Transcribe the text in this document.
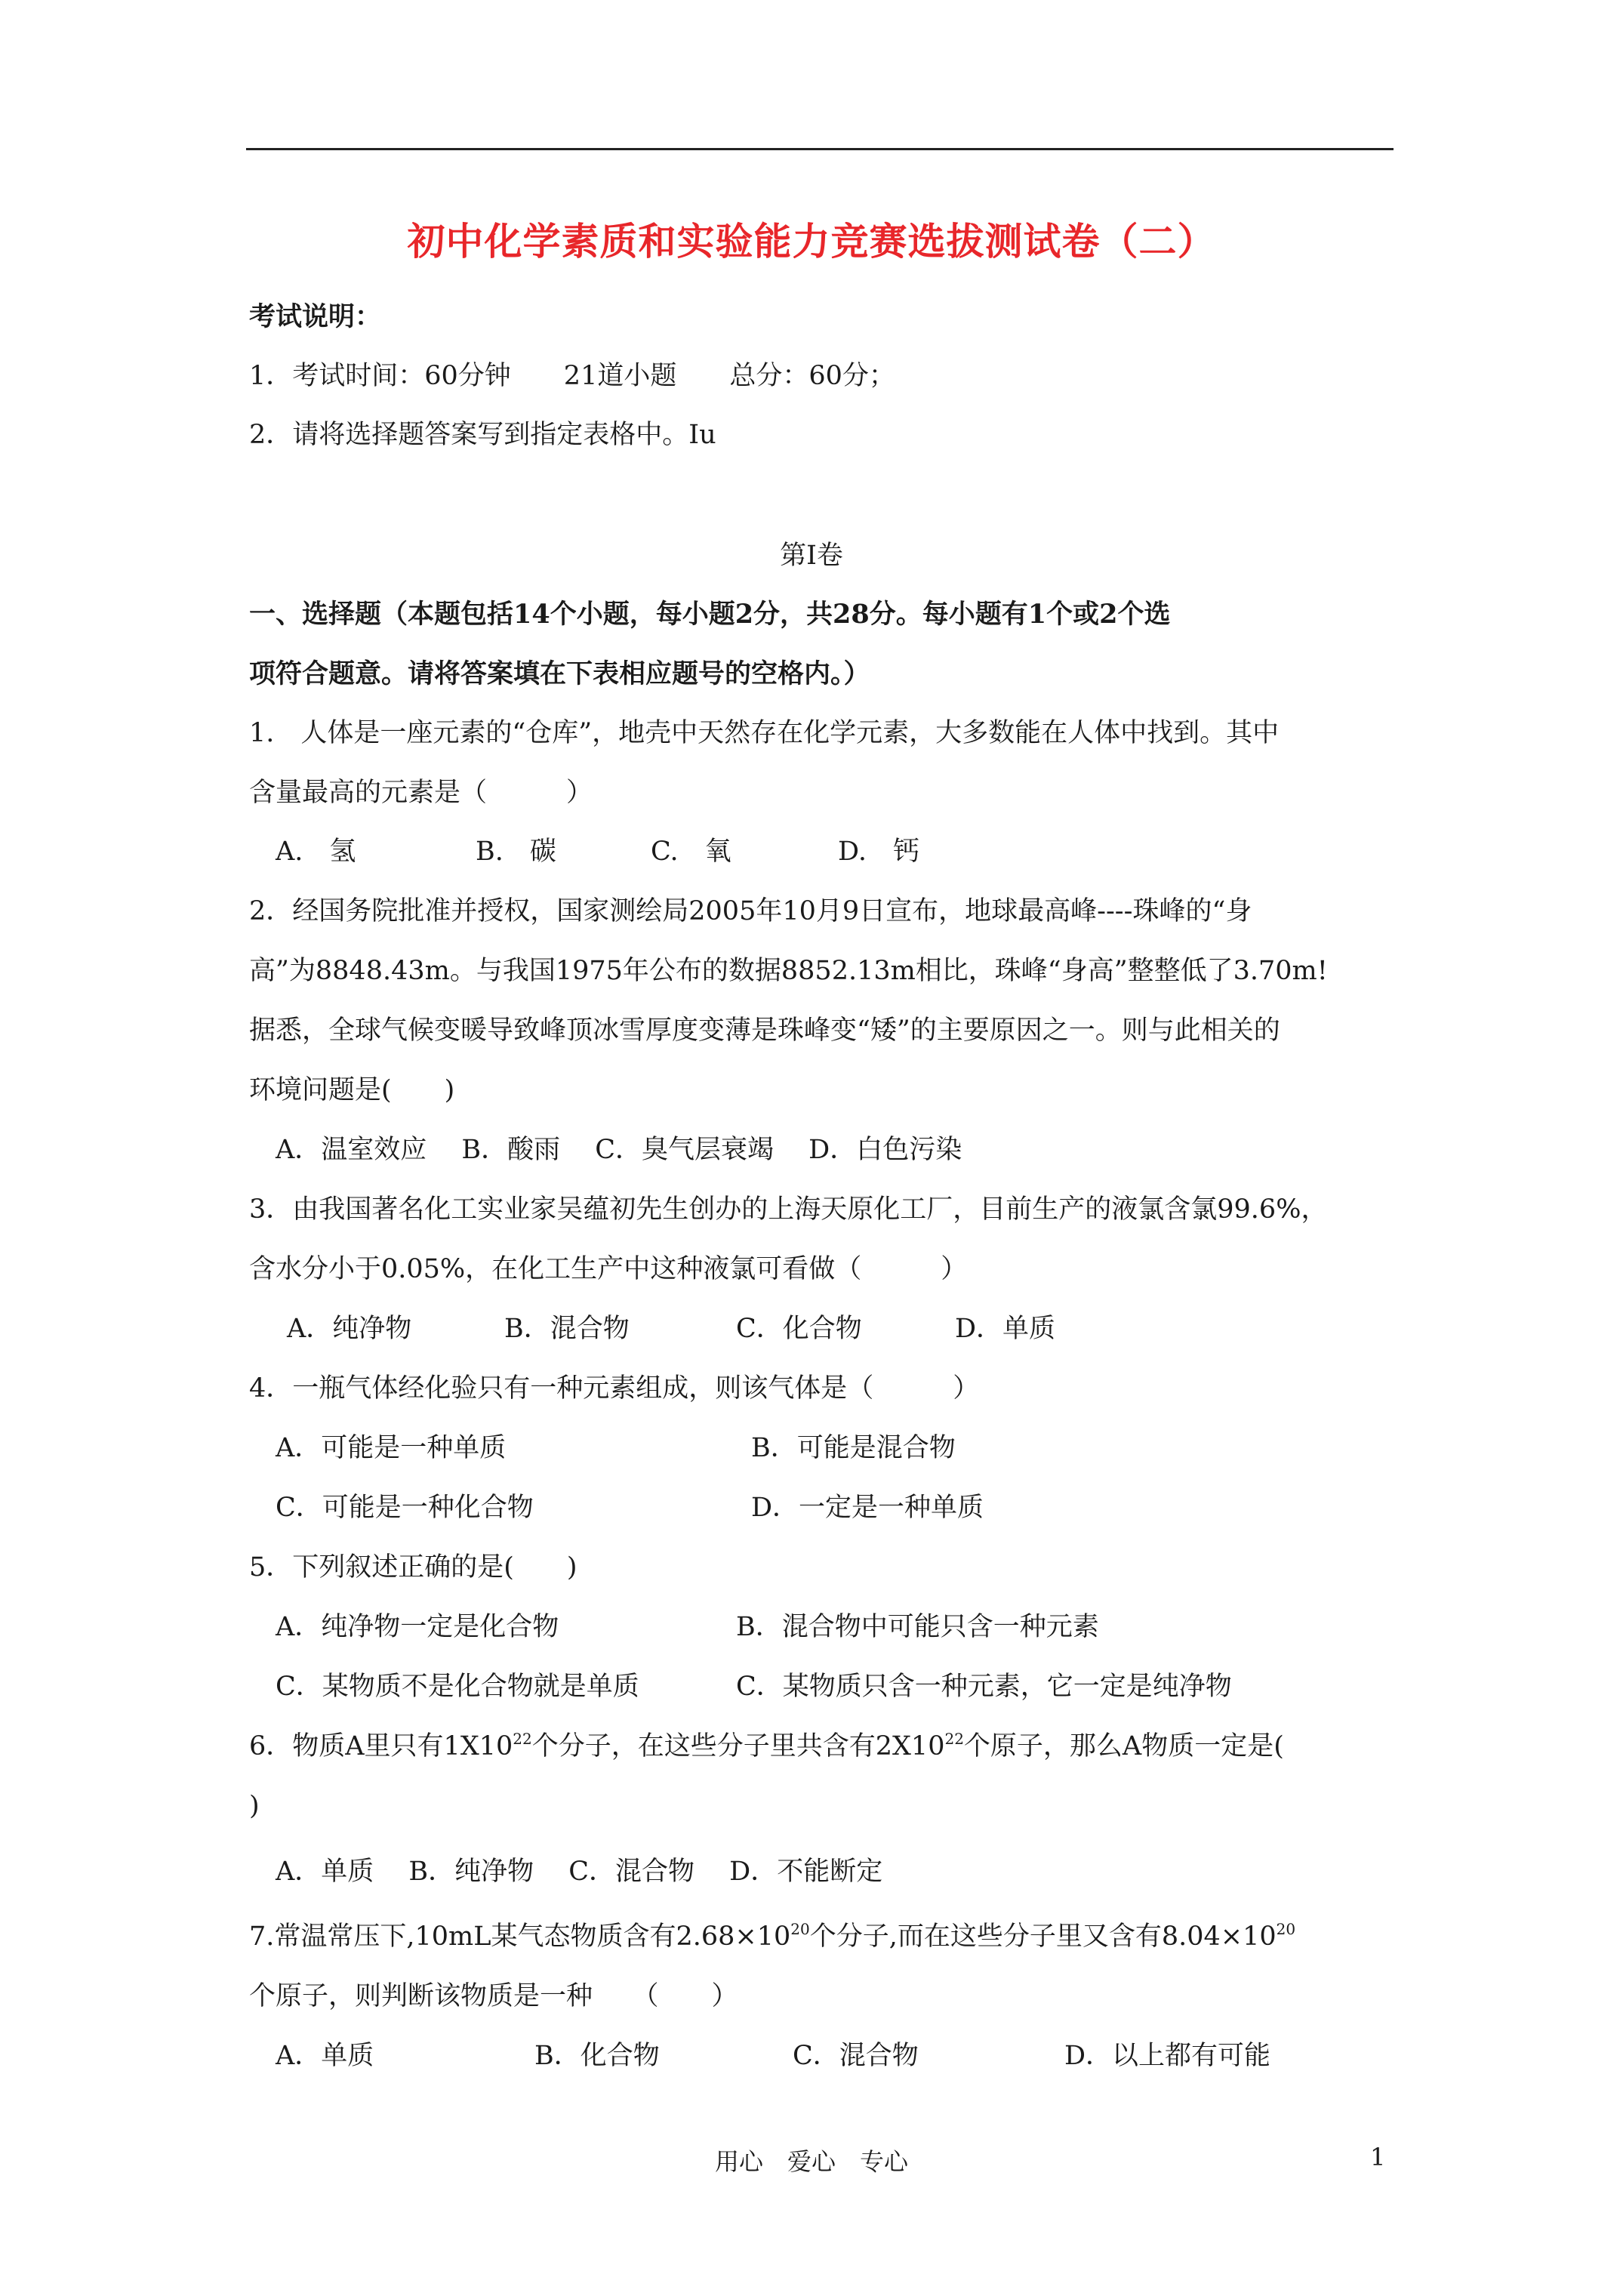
初中化学素质和实验能力竞赛选拔测试卷（二）
考试说明：
1．考试时间：60分钟　　21道小题　　总分：60分；
2．请将选择题答案写到指定表格中。Iu
第Ⅰ卷
一、选择题（本题包括14个小题，每小题2分，共28分。每小题有1个或2个选
项符合题意。请将答案填在下表相应题号的空格内。）
1.　人体是一座元素的“仓库”，地壳中天然存在化学元素，大多数能在人体中找到。其中
含量最高的元素是（　　　）
A.　氢	B.　碳	C.　氧	D.　钙
2．经国务院批准并授权，国家测绘局2005年10月9日宣布，地球最高峰----珠峰的“身
高”为8848.43m。与我国1975年公布的数据8852.13m相比，珠峰“身高”整整低了3.70m!
据悉，全球气候变暖导致峰顶冰雪厚度变薄是珠峰变“矮”的主要原因之一。则与此相关的
环境问题是(　　)
A．温室效应　 B．酸雨　 C．臭气层衰竭　 D．白色污染
3．由我国著名化工实业家吴蕴初先生创办的上海天原化工厂，目前生产的液氯含氯99.6%，
含水分小于0.05%，在化工生产中这种液氯可看做（　　　）
A．纯净物	B．混合物	C．化合物	D．单质
4．一瓶气体经化验只有一种元素组成，则该气体是（　　　）
A．可能是一种单质	B．可能是混合物
C．可能是一种化合物	D．一定是一种单质
5．下列叙述正确的是(　　)
A．纯净物一定是化合物	B．混合物中可能只含一种元素
C．某物质不是化合物就是单质	C．某物质只含一种元素，它一定是纯净物
6．物质A里只有$1X10^{22}$个分子，在这些分子里共含有$2X10^{22}$个原子，那么A物质一定是(
)
A．单质　 B．纯净物　 C．混合物　 D．不能断定
7.常温常压下,10mL某气态物质含有$2.68\times 10^{20}$个分子,而在这些分子里又含有$8.04\times 10^{20}$
个原子，则判断该物质是一种　　（　　）
A．单质	B．化合物	C．混合物	D．以上都有可能
用心　爱心　专心	1
